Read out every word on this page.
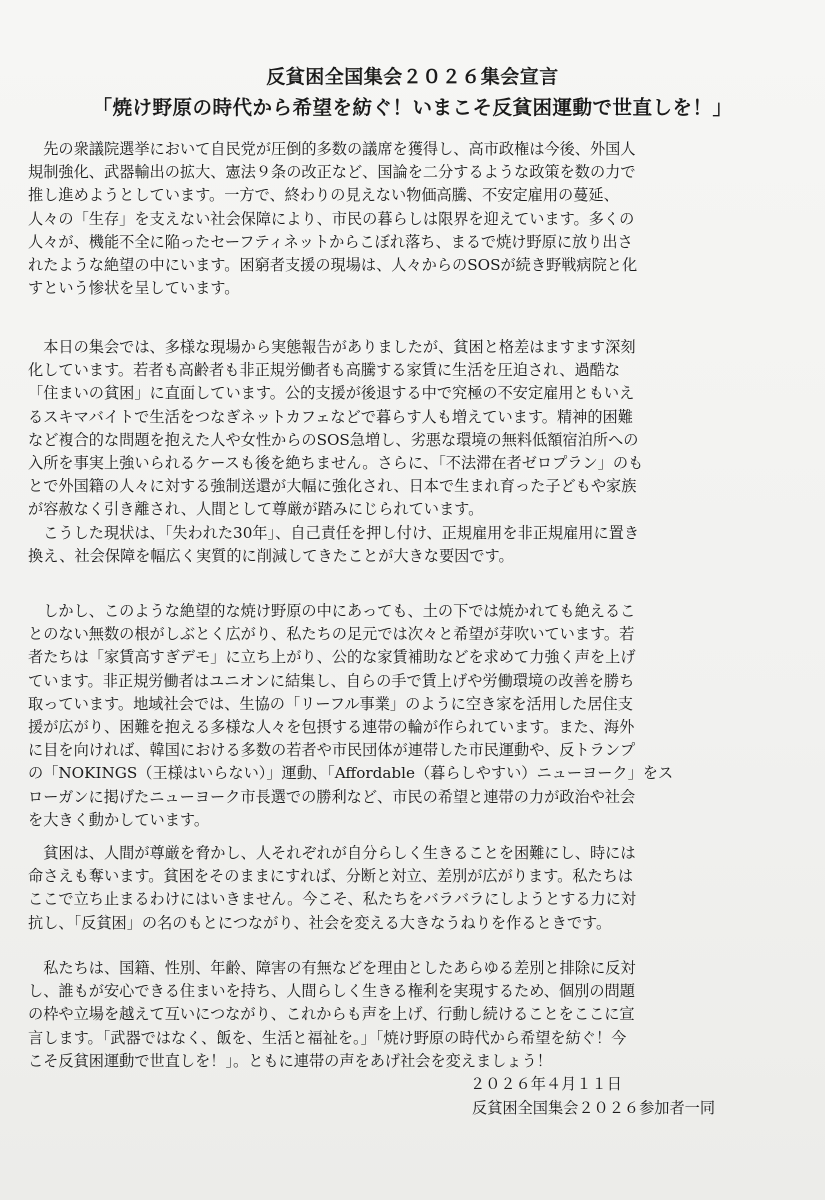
反貧困全国集会２０２６集会宣言
「焼け野原の時代から希望を紡ぐ！いまこそ反貧困運動で世直しを！」
　先の衆議院選挙において自民党が圧倒的多数の議席を獲得し、高市政権は今後、外国人
規制強化、武器輸出の拡大、憲法９条の改正など、国論を二分するような政策を数の力で
推し進めようとしています。一方で、終わりの見えない物価高騰、不安定雇用の蔓延、
人々の「生存」を支えない社会保障により、市民の暮らしは限界を迎えています。多くの
人々が、機能不全に陥ったセーフティネットからこぼれ落ち、まるで焼け野原に放り出さ
れたような絶望の中にいます。困窮者支援の現場は、人々からのSOSが続き野戦病院と化
すという惨状を呈しています。
　本日の集会では、多様な現場から実態報告がありましたが、貧困と格差はますます深刻
化しています。若者も高齢者も非正規労働者も高騰する家賃に生活を圧迫され、過酷な
「住まいの貧困」に直面しています。公的支援が後退する中で究極の不安定雇用ともいえ
るスキマバイトで生活をつなぎネットカフェなどで暮らす人も増えています。精神的困難
など複合的な問題を抱えた人や女性からのSOS急増し、劣悪な環境の無料低額宿泊所への
入所を事実上強いられるケースも後を絶ちません。さらに、「不法滞在者ゼロプラン」のも
とで外国籍の人々に対する強制送還が大幅に強化され、日本で生まれ育った子どもや家族
が容赦なく引き離され、人間として尊厳が踏みにじられています。
　こうした現状は、「失われた30年」、自己責任を押し付け、正規雇用を非正規雇用に置き
換え、社会保障を幅広く実質的に削減してきたことが大きな要因です。
　しかし、このような絶望的な焼け野原の中にあっても、土の下では焼かれても絶えるこ
とのない無数の根がしぶとく広がり、私たちの足元では次々と希望が芽吹いています。若
者たちは「家賃高すぎデモ」に立ち上がり、公的な家賃補助などを求めて力強く声を上げ
ています。非正規労働者はユニオンに結集し、自らの手で賃上げや労働環境の改善を勝ち
取っています。地域社会では、生協の「リーフル事業」のように空き家を活用した居住支
援が広がり、困難を抱える多様な人々を包摂する連帯の輪が作られています。また、海外
に目を向ければ、韓国における多数の若者や市民団体が連帯した市民運動や、反トランプ
の「NOKINGS（王様はいらない）」運動、「Affordable（暮らしやすい）ニューヨーク」をス
ローガンに掲げたニューヨーク市長選での勝利など、市民の希望と連帯の力が政治や社会
を大きく動かしています。
　貧困は、人間が尊厳を脅かし、人それぞれが自分らしく生きることを困難にし、時には
命さえも奪います。貧困をそのままにすれば、分断と対立、差別が広がります。私たちは
ここで立ち止まるわけにはいきません。今こそ、私たちをバラバラにしようとする力に対
抗し、「反貧困」の名のもとにつながり、社会を変える大きなうねりを作るときです。
　私たちは、国籍、性別、年齢、障害の有無などを理由としたあらゆる差別と排除に反対
し、誰もが安心できる住まいを持ち、人間らしく生きる権利を実現するため、個別の問題
の枠や立場を越えて互いにつながり、これからも声を上げ、行動し続けることをここに宣
言します。「武器ではなく、飯を、生活と福祉を。」「焼け野原の時代から希望を紡ぐ！今
こそ反貧困運動で世直しを！」。ともに連帯の声をあげ社会を変えましょう！
２０２６年４月１１日
反貧困全国集会２０２６参加者一同
